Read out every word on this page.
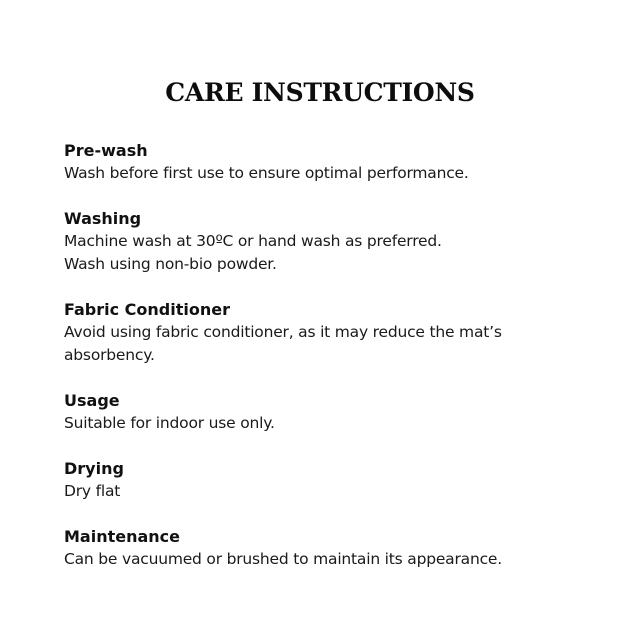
CARE INSTRUCTIONS

Pre-wash

Wash before first use to ensure optimal performance.

Washing

Machine wash at 30ºC or hand wash as preferred.

Wash using non-bio powder.

Fabric Conditioner

Avoid using fabric conditioner, as it may reduce the mat’s

absorbency.

Usage

Suitable for indoor use only.

Drying

Dry flat

Maintenance

Can be vacuumed or brushed to maintain its appearance.
